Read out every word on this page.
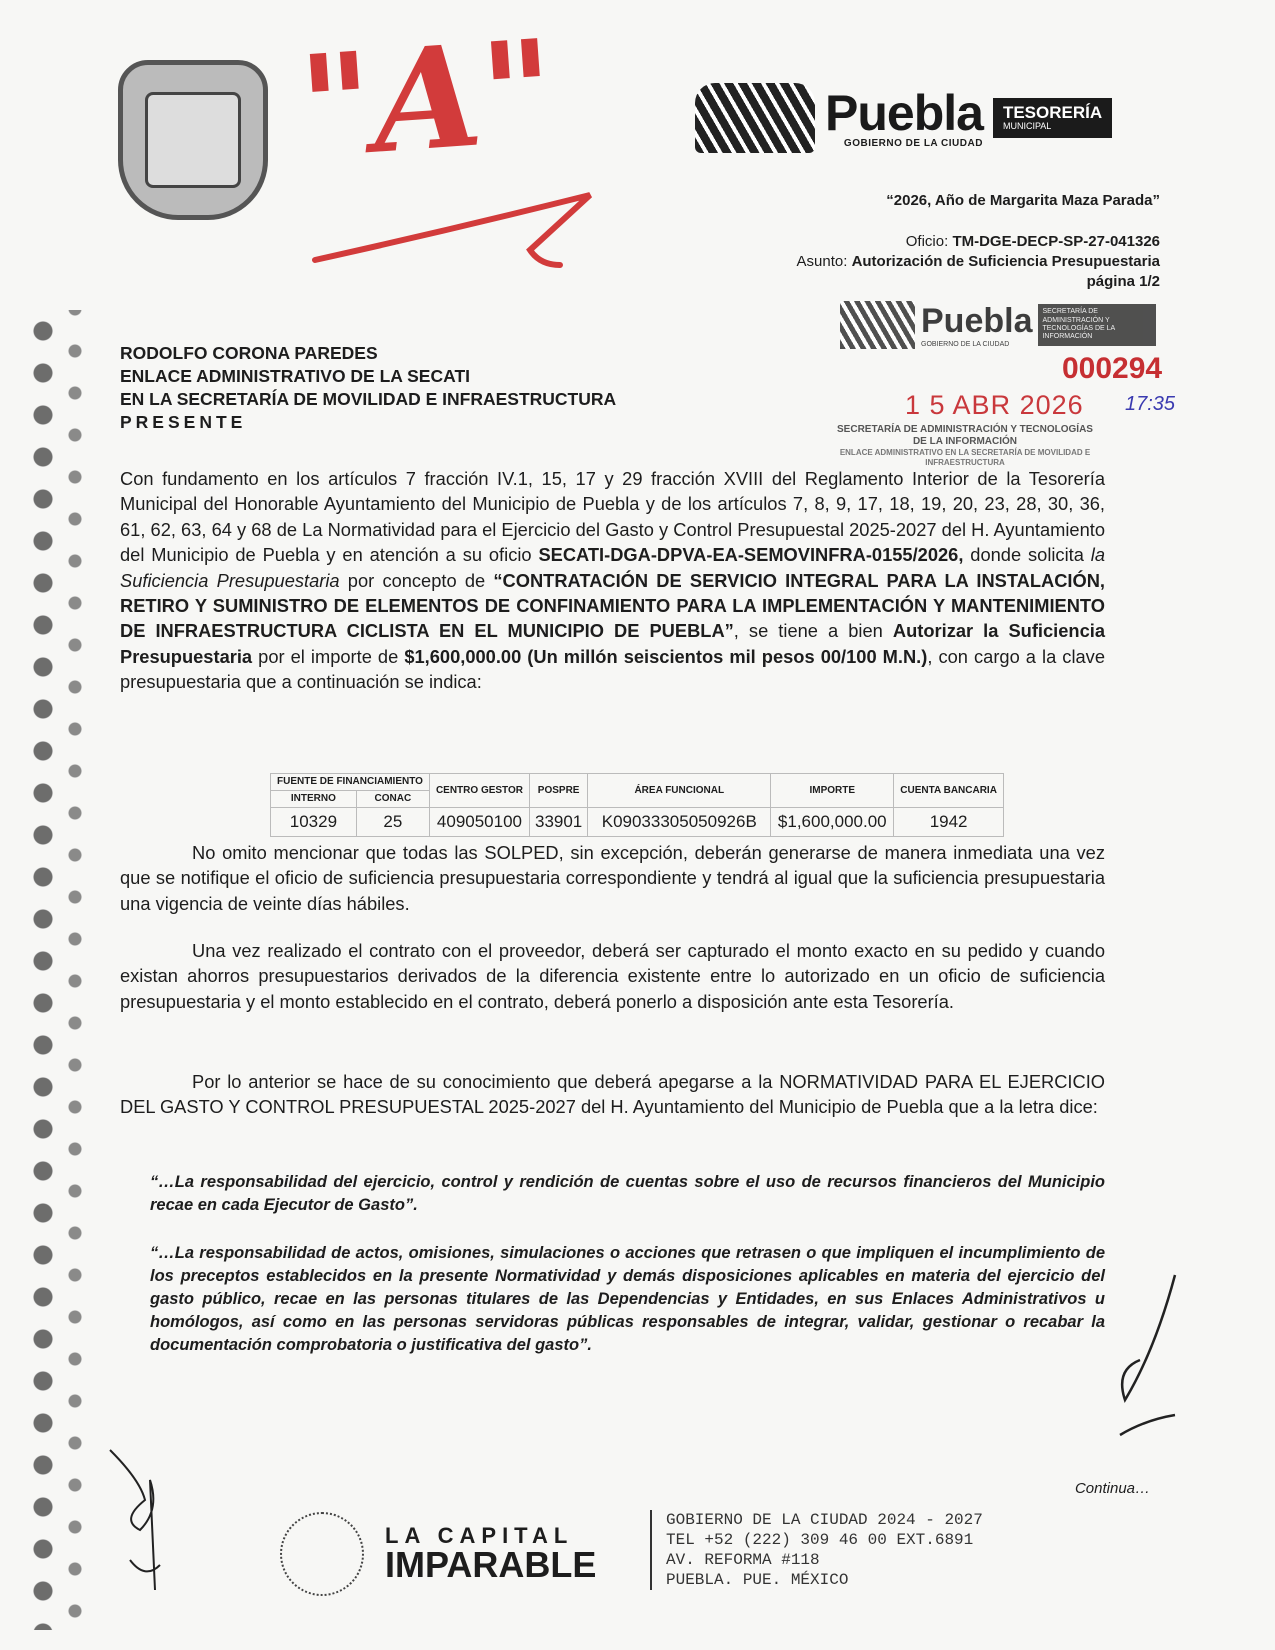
"A"	Puebla
GOBIERNO DE LA CIUDAD
TESORERÍA
MUNICIPAL
“2026, Año de Margarita Maza Parada”
Oficio: TM-DGE-DECP-SP-27-041326
Asunto: Autorización de Suficiencia Presupuestaria
página 1/2
Puebla
GOBIERNO DE LA CIUDAD
SECRETARÍA DE ADMINISTRACIÓN Y TECNOLOGÍAS DE LA INFORMACIÓN
1 5 ABR 2026
000294
17:35
SECRETARÍA DE ADMINISTRACIÓN Y TECNOLOGÍAS
DE LA INFORMACIÓN
ENLACE ADMINISTRATIVO EN LA SECRETARÍA DE MOVILIDAD E INFRAESTRUCTURA
RODOLFO CORONA PAREDES
ENLACE ADMINISTRATIVO DE LA SECATI
EN LA SECRETARÍA DE MOVILIDAD E INFRAESTRUCTURA
PRESENTE
Con fundamento en los artículos 7 fracción IV.1, 15, 17 y 29 fracción XVIII del Reglamento Interior de la Tesorería Municipal del Honorable Ayuntamiento del Municipio de Puebla y de los artículos 7, 8, 9, 17, 18, 19, 20, 23, 28, 30, 36, 61, 62, 63, 64 y 68 de La Normatividad para el Ejercicio del Gasto y Control Presupuestal 2025-2027 del H. Ayuntamiento del Municipio de Puebla y en atención a su oficio SECATI-DGA-DPVA-EA-SEMOVINFRA-0155/2026, donde solicita la Suficiencia Presupuestaria por concepto de “CONTRATACIÓN DE SERVICIO INTEGRAL PARA LA INSTALACIÓN, RETIRO Y SUMINISTRO DE ELEMENTOS DE CONFINAMIENTO PARA LA IMPLEMENTACIÓN Y MANTENIMIENTO DE INFRAESTRUCTURA CICLISTA EN EL MUNICIPIO DE PUEBLA”, se tiene a bien Autorizar la Suficiencia Presupuestaria por el importe de $1,600,000.00 (Un millón seiscientos mil pesos 00/100 M.N.), con cargo a la clave presupuestaria que a continuación se indica:
FUENTE DE FINANCIAMIENTO		CENTRO GESTOR	POSPRE	ÁREA FUNCIONAL	IMPORTE	CUENTA BANCARIA
INTERNO	CONAC					
10329	25	409050100	33901	K09033305050926B	$1,600,000.00	1942
No omito mencionar que todas las SOLPED, sin excepción, deberán generarse de manera inmediata una vez que se notifique el oficio de suficiencia presupuestaria correspondiente y tendrá al igual que la suficiencia presupuestaria una vigencia de veinte días hábiles.
Una vez realizado el contrato con el proveedor, deberá ser capturado el monto exacto en su pedido y cuando existan ahorros presupuestarios derivados de la diferencia existente entre lo autorizado en un oficio de suficiencia presupuestaria y el monto establecido en el contrato, deberá ponerlo a disposición ante esta Tesorería.
Por lo anterior se hace de su conocimiento que deberá apegarse a la NORMATIVIDAD PARA EL EJERCICIO DEL GASTO Y CONTROL PRESUPUESTAL 2025-2027 del H. Ayuntamiento del Municipio de Puebla que a la letra dice:
“…La responsabilidad del ejercicio, control y rendición de cuentas sobre el uso de recursos financieros del Municipio recae en cada Ejecutor de Gasto”.
“…La responsabilidad de actos, omisiones, simulaciones o acciones que retrasen o que impliquen el incumplimiento de los preceptos establecidos en la presente Normatividad y demás disposiciones aplicables en materia del ejercicio del gasto público, recae en las personas titulares de las Dependencias y Entidades, en sus Enlaces Administrativos u homólogos, así como en las personas servidoras públicas responsables de integrar, validar, gestionar o recabar la documentación comprobatoria o justificativa del gasto”.
Continua…
LA CAPITAL
IMPARABLE
GOBIERNO DE LA CIUDAD 2024 - 2027
TEL +52 (222) 309 46 00 EXT.6891
AV. REFORMA #118
PUEBLA. PUE. MÉXICO
